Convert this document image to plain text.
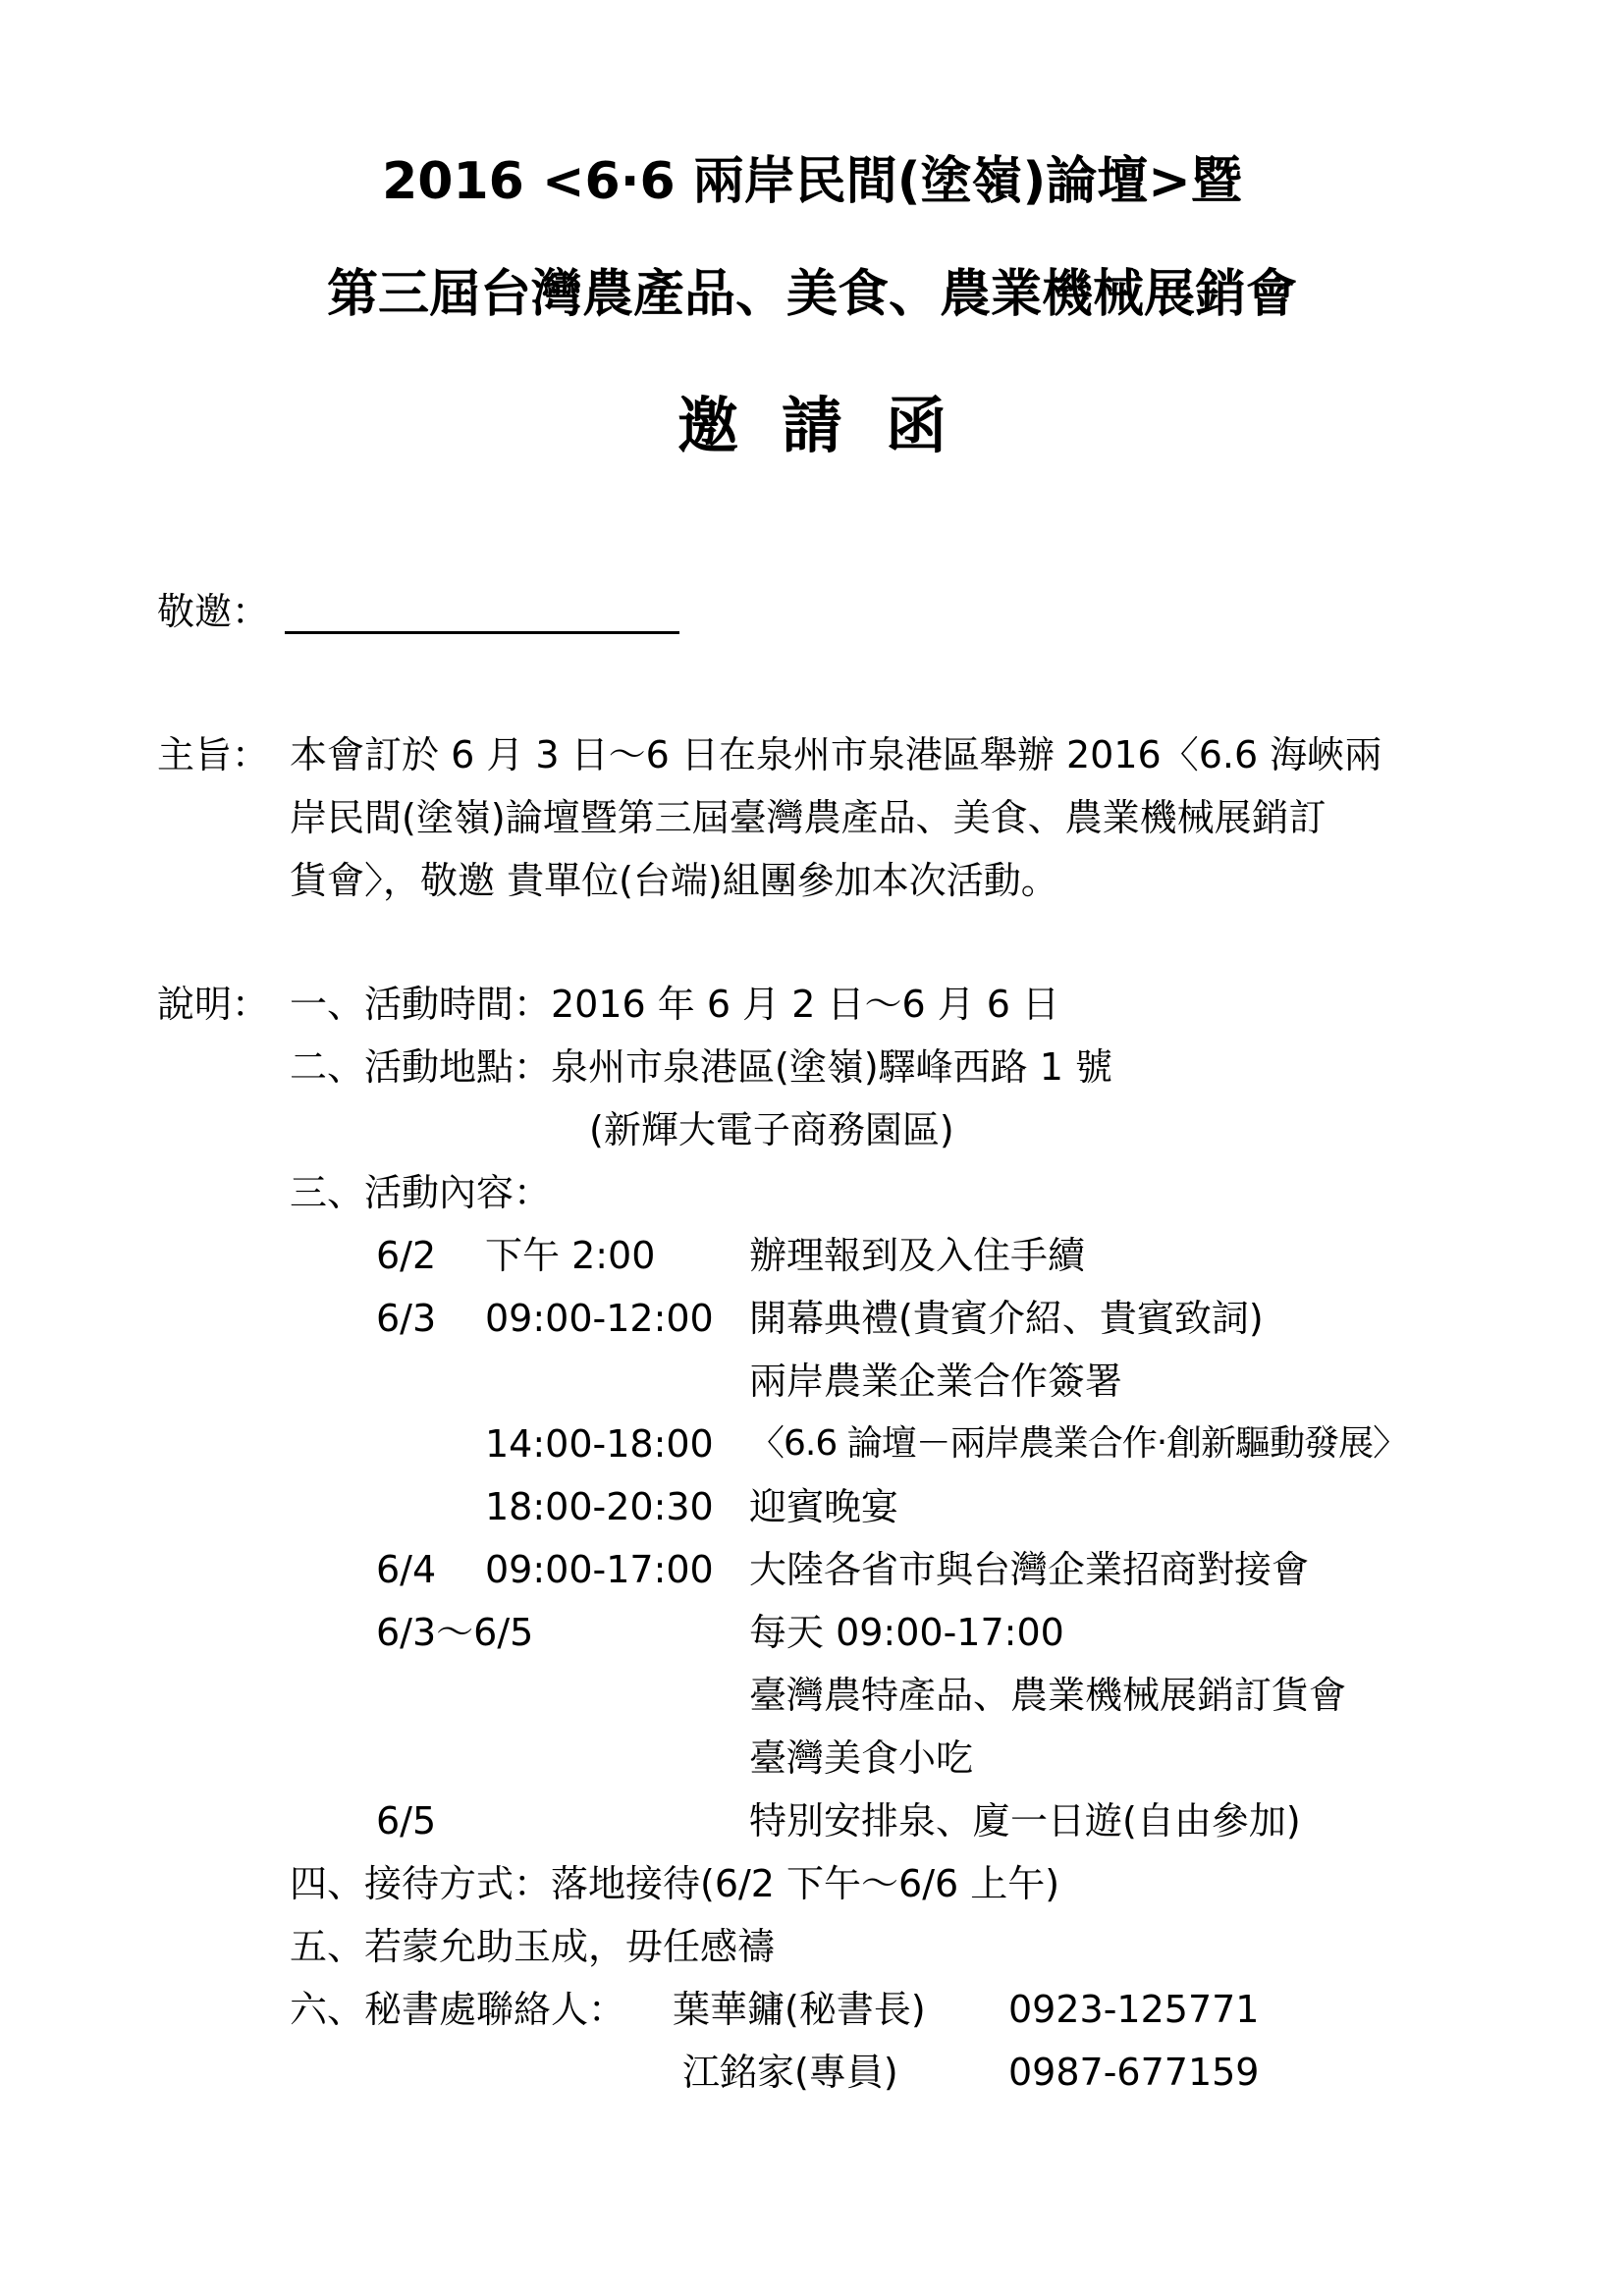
2016 <6·6 兩岸民間(塗嶺)論壇>暨
第三屆台灣農產品、美食、農業機械展銷會
邀請函
敬邀：
主旨： 本會訂於 6 月 3 日～6 日在泉州市泉港區舉辦 2016〈6.6 海峽兩
岸民間(塗嶺)論壇暨第三屆臺灣農產品、美食、農業機械展銷訂
貨會〉，敬邀 貴單位(台端)組團參加本次活動。
說明： 一、活動時間：2016 年 6 月 2 日～6 月 6 日
二、活動地點：泉州市泉港區(塗嶺)驛峰西路 1 號
(新輝大電子商務園區)
三、活動內容：
6/2 下午 2:00	辦理報到及入住手續
6/3 09:00-12:00 開幕典禮(貴賓介紹、貴賓致詞)
兩岸農業企業合作簽署
14:00-18:00 〈6.6 論壇－兩岸農業合作‧創新驅動發展〉
18:00-20:30 迎賓晚宴
6/4 09:00-17:00 大陸各省市與台灣企業招商對接會
6/3～6/5	每天 09:00-17:00
臺灣農特產品、農業機械展銷訂貨會
臺灣美食小吃
6/5	特別安排泉、廈一日遊(自由參加)
四、接待方式：落地接待(6/2 下午～6/6 上午)
五、若蒙允助玉成，毋任感禱
六、秘書處聯絡人： 葉華鏞(秘書長) 0923-125771
江銘家(專員)	0987-677159
